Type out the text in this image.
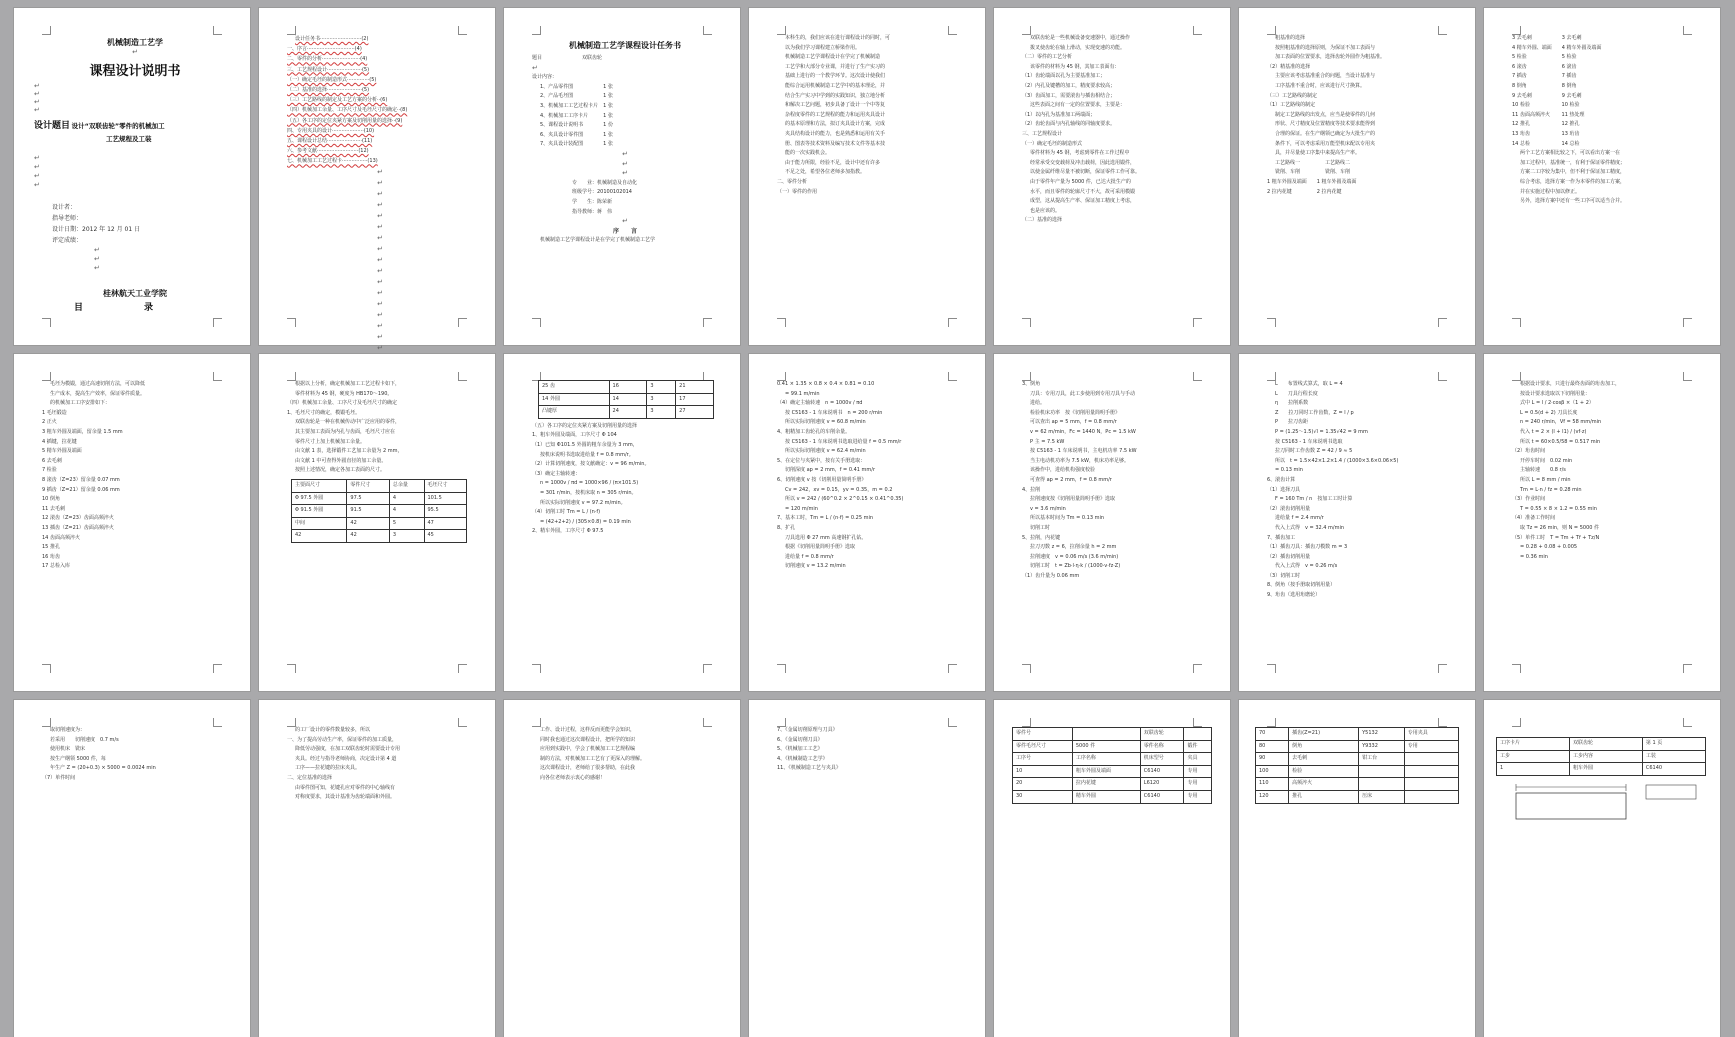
机械制造工艺学
↵
课程设计说明书
↵
↵
↵
↵
设计题目 设计“双联齿轮”零件的机械加工
工艺规程及工装
↵
↵
↵
↵
设计者：
指导老师：
设计日期：2012 年 12 月 01 日
评定成绩：
↵
↵
↵
桂林航天工业学院
目	录
设计任务书··························(2)
一、序言······························(4)
二、零件的分析························(4)
三、工艺规程设计······················(5)
（一）确定毛坯的制造形式··············(5)
（二）基准的选择······················(5)
（三）工艺路线的制定及工艺方案的分析··(6)
（四）机械加工余量、工序尺寸及毛坯尺寸的确定··(8)
（五）各工序的定位夹紧方案及切削用量的选择··(9)
四、专用夹具的设计····················(10)
五、课程设计总结······················(11)
六、参考文献··························(12)
七、机械加工工艺过程卡················(13)
↵
↵
↵
↵
↵
↵
↵
↵
↵
↵
↵
↵
↵
↵
↵
↵
↵
机械制造工艺学课程设计任务书
题目	双联齿轮
↵
设计内容：
1、产品零件图　　　　　　1 张
2、产品毛坯图　　　　　　1 张
3、机械加工工艺过程卡片　1 张
4、机械加工工序卡片　　　1 张
5、课程设计说明书　　　　1 份
6、夹具设计零件图　　　　1 张
7、夹具设计装配图　　　　1 张
↵
↵
↵
专　　业：机械制造及自动化
班级学号：20100102014
学　　生：陈荣新
指导教师：蒋　伟
↵
序　　言
机械制造工艺学课程设计是在学完了机械制造工艺学
本科生的，我们应该在进行课程设计的同时，可
以为我们学习课程建立桥梁作用。
机械制造工艺学课程设计在学完了机械制造
工艺学和大部分专业课，并进行了生产实习的
基础上进行的一个教学环节。这次设计使我们
能综合运用机械制造工艺学中的基本理论，并
结合生产实习中学到的实践知识，独立地分析
和解决工艺问题，初步具备了设计一个中等复
杂程度零件的工艺规程的能力和运用夹具设计
的基本原理和方法，拟订夹具设计方案，完成
夹具结构设计的能力，也是熟悉和运用有关手
册、图表等技术资料及编写技术文件等基本技
能的一次实践机会。
由于能力所限，经验不足，设计中还有许多
不足之处，希望各位老师多加指教。
二、零件分析
（一）零件的作用
双联齿轮是一些机械设备变速器中，通过操作
拨叉使齿轮在轴上滑动，实现变速的功能。
（二）零件的工艺分析
该零件的材料为 45 钢，其加工表面有：
（1）齿轮端面以孔为主要基准加工；
（2）内孔及键槽的加工，精度要求较高；
（3）齿面加工，需要滚齿与插齿相结合；
这些表面之间有一定的位置要求，主要是：
（1）以内孔为基准加工两端面；
（2）齿轮齿面与内孔轴线的同轴度要求。
三、工艺规程设计
（一）确定毛坯的制造形式
零件材料为 45 钢，考虑到零件在工作过程中
经常承受交变载荷及冲击载荷，因此选用锻件，
以使金属纤维尽量不被切断，保证零件工作可靠。
由于零件年产量为 5000 件，已达大批生产的
水平，而且零件的轮廓尺寸不大，故可采用模锻
成型，这从提高生产率、保证加工精度上考虑，
也是应该的。
（二）基准的选择
粗基准的选择
按照粗基准的选择原则，为保证不加工表面与
加工表面的位置要求，选择齿轮外圆作为粗基准。
（2）精基准的选择
主要应该考虑基准重合的问题，当设计基准与
工序基准不重合时，应该进行尺寸换算。
（三）工艺路线的制定
（1）工艺路线的制定
制定工艺路线的出发点，应当是使零件的几何
形状、尺寸精度及位置精度等技术要求能得到
合理的保证。在生产纲领已确定为大批生产的
条件下，可以考虑采用万能型机床配以专用夹
具，并尽量使工序集中来提高生产率。
工艺路线一　　　　　工艺路线二
铣削、车削　　　　　铣削、车削
1 粗车外圆及端面　　1 粗车外圆及端面
2 拉内花键　　　　　2 拉内花键
3 去毛刺　　　　　　3 去毛刺
4 精车外圆、端面　　4 精车外圆及端面
5 检验　　　　　　　5 检验
6 滚齿　　　　　　　6 滚齿
7 插齿　　　　　　　7 插齿
8 倒角　　　　　　　8 倒角
9 去毛刺　　　　　　9 去毛刺
10 检验　　　　　　 10 检验
11 齿面高频淬火　　 11 热处理
12 推孔　　　　　　 12 推孔
13 珩齿　　　　　　 13 珩齿
14 总检　　　　　　 14 总检
两个工艺方案相比较之下，可以看出方案一在
加工过程中，基准统一，有利于保证零件精度；
方案二工序较为集中，但不利于保证加工精度，
综合考虑，选择方案一作为本零件的加工方案，
并在实施过程中加以修正。
另外，选择方案中还有一些工序可以适当合并。
毛坯为模锻，通过高速切削方法，可以降低
生产成本，提高生产效率，保证零件质量。
的机械加工工序安排如下：
1 毛坯锻造
2 正火
3 粗车外圆及端面，留余量 1.5 mm
4 插键，拉花键
5 精车外圆及端面
6 去毛刺
7 检验
8 滚齿（Z=23）留余量 0.07 mm
9 插齿（Z=21）留余量 0.06 mm
10 倒角
11 去毛刺
12 滚齿（Z=23）齿面高频淬火
13 插齿（Z=21）齿面高频淬火
14 齿面高频淬火
15 推孔
16 珩齿
17 总检入库
根据以上分析，确定机械加工工艺过程卡如下，
零件材料为 45 钢，硬度为 HB170～190。
（四）机械加工余量、工序尺寸及毛坯尺寸的确定
1、毛坯尺寸的确定，模锻毛坯。
双联齿轮是一种在机械传动中广泛应用的零件，
其主要加工表面为内孔与齿面，毛坯尺寸应在
零件尺寸上加上机械加工余量。
由文献 1 表，选择锻件工艺加工余量为 2 mm，
由文献 1 中可查得外圆直径的加工余量。
按照上述情况，确定各加工表面的尺寸。
主要面尺寸	零件尺寸	总余量	毛坯尺寸
Φ 97.5 外圆	97.5	4	101.5
Φ 91.5 外圆	91.5	4	95.5
中间	42	5	47
42	42	3	45
25 齿	16	3	21
14 外圆	14	3	17
凸键厚	24	3	27
（五）各工序的定位夹紧方案及切削用量的选择
1、粗车外圆及端面，工序尺寸 Φ 104
（1）已知 Φ101.5 外圆的粗车余量为 3 mm，
按机床说明书选取进给量 f = 0.8 mm/r。
（2）计算切削速度，按文献确定：v = 96 m/min。
（3）确定主轴转速：
n = 1000v / πd = 1000×96 / (π×101.5)
= 301 r/min，按机床取 n = 305 r/min。
所以实际切削速度 v = 97.2 m/min。
（4）切削工时 Tm = L / (n·f)
= (42+2+2) / (305×0.8) = 0.19 min
2、精车外圆，工序尺寸 Φ 97.5
0.41 × 1.35 × 0.8 × 0.4 × 0.81 = 0.10
= 99.1 m/min
（4）确定主轴转速　n = 1000v / πd
按 C5163 - 1 车床说明书　n = 200 r/min
所以实际切削速度 v = 60.8 m/min
4、粗精加工齿轮孔的车削余量。
按 C5163 - 1 车床说明书选取进给量 f = 0.5 mm/r
所以实际切削速度 v = 62.4 m/min
5、在定位与夹紧中，按有关手册选取：
切削深度 ap = 2 mm，f = 0.41 mm/r
6、切削速度 v 按《切削用量简明手册》
Cv = 242，xv = 0.15，yv = 0.35，m = 0.2
所以 v = 242 / (60^0.2 × 2^0.15 × 0.41^0.35)
= 120 m/min
7、基本工时，Tm = L / (n·f) = 0.25 min
8、扩孔
刀具选用 Φ 27 mm 高速钢扩孔钻。
根据《切削用量简明手册》选取
进给量 f = 0.8 mm/r
切削速度 v = 13.2 m/min
3、倒角
刀具：专用刀具，此工步使用到专用刀具与手动
进给。
检验机床功率　按《切削用量简明手册》
可以查出 ap = 5 mm，f = 0.8 mm/r
v = 62 m/min，Fc = 1440 N，Pc = 1.5 kW
P 主 = 7.5 kW
按 C5163 - 1 车床说明书，主电机功率 7.5 kW
当主电动机功率为 7.5 kW，机床功率足够。
该操作中，进给机构强度校验
可查得 ap = 2 mm，f = 0.8 mm/r
4、拉削
拉削速度按《切削用量简明手册》选取
v = 3.6 m/min
所以基本时间为 Tm = 0.13 min
切削工时
5、拉削，内花键
拉刀刃数 z = 6，拉削余量 h = 2 mm
拉削速度　v = 0.06 m/s (3.6 m/min)
切削工时　t = Zb·l·η·k / (1000·v·fz·Z)
（1）齿升量为 0.06 mm
L　　布置线式算式，取 L = 4
L　　刀具行程长度
η　　拉削系数
Z　　拉刀同时工作齿数，Z = l / p
P　　拉刀齿距
P = (1.25～1.5)√l = 1.35√42 = 9 mm
按 C5163 - 1 车床说明书选取
拉刀同时工作齿数 Z = 42 / 9 ≈ 5
所以　t = 1.5×42×1.2×1.4 / (1000×3.6×0.06×5)
= 0.13 min
6、滚齿计算
（1）选择刀具
F = 160 Tm / n　按加工工时计算
（2）滚齿切削用量
进给量 f = 2.4 mm/r
代入上式得　v = 32.4 m/min
7、插齿加工
（1）插齿刀具：插齿刀模数 m = 3
（2）插齿切削用量
代入上式得　v = 0.26 m/s
（3）切削工时
8、倒角（按手册取切削用量）
9、珩齿（选用珩磨轮）
根据设计要求，只进行最终齿面的珩齿加工，
按设计要求选取以下切削用量：
式中 L = l / 2·cosβ ×（1 + 2）
L = 0.5(d + 2) 刀具长度
n = 240 r/min，Vf = 58 mm/min
代入 t = 2 × (l + l1) / (vf·z)
所以 t = 60×0.5/58 = 0.517 min
（2）珩齿时间
开停车时间　0.02 min
主轴转速　　0.8 r/s
所以 L = 8 mm / min
Tm = L·n / fz = 0.28 min
（3）作业时间
T = 0.55 × 8 × 1.2 = 0.55 min
（4）准备工作时间
取 Tz = 26 min，则 N = 5000 件
（5）单件工时　T = Tm + Tf + Tz/N
= 0.28 + 0.08 + 0.005
= 0.36 min
取切削速度为：
若采用　　切削速度　0.7 m/s
使用机床　铣床
按生产纲领 5000 件，每
年生产 Z = (20+0.3) × 5000 = 0.0024 min
（7）单件时间
的工厂设计的零件数量较多，所以
一、为了提高劳动生产率，保证零件的加工质量，
降低劳动强度，在加工双联齿轮时需要设计专用
夹具。经过与指导老师协商，决定设计第 4 道
工序——拉花键的拉床夹具。
二、定位基准的选择
由零件图可知，花键孔应对零件的中心轴线有
对称度要求，其设计基准为齿轮端面和外圆。
工作、设计过程，这样反而更能学会知识，
同时我也通过这次课程设计，把所学的知识
应用到实践中，学会了机械加工工艺规程编
制的方法，对机械加工工艺有了更深入的理解。
这次课程设计，老师给了很多帮助，在此我
向各位老师表示衷心的感谢！
7、《金属切削原理与刀具》
6、《金属切削刀具》
5、《机械加工工艺》
4、《机械制造工艺学》
11、《机械制造工艺与夹具》
零件号		双联齿轮	
零件毛坯尺寸	5000 件	零件名称	锻件
工序号	工序名称	机床型号	夹具
10	粗车外圆及端面	C6140	专用
20	拉内花键	L6120	专用
30	精车外圆	C6140	专用
70	插齿(Z=21)	Y5132	专用夹具
80	倒角	Y9332	专用
90	去毛刺	钳工台	
100	检验		
110	高频淬火		
120	推孔	压床	
工序卡片	双联齿轮	第 1 页
工步	工步内容	工装
1	粗车外圆	C6140
